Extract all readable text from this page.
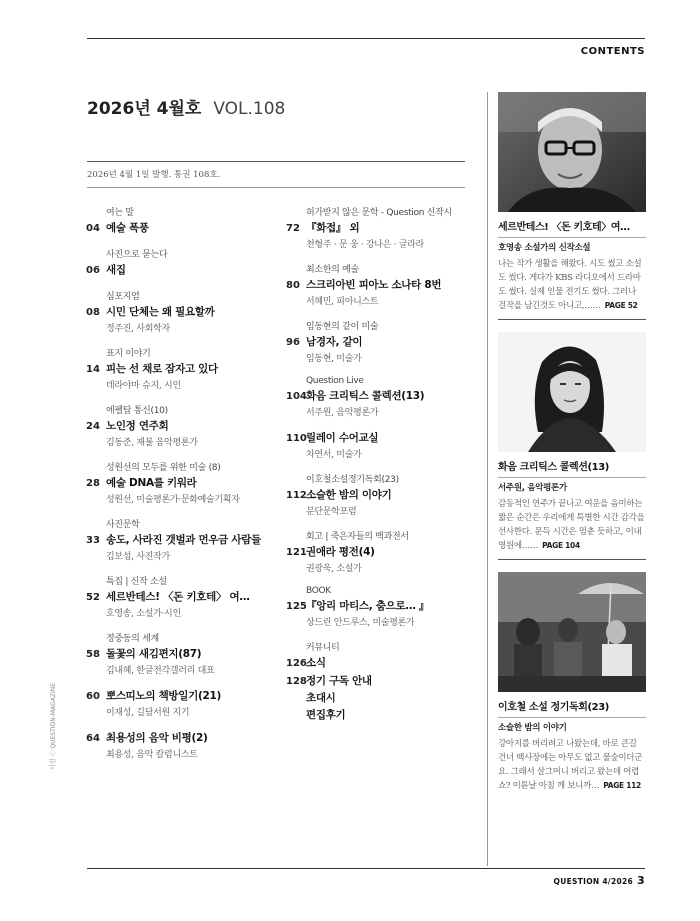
CONTENTS
2026년 4월호 VOL.108
2026년 4월 1일 발행. 통권 108호.
여는 말
04 예술 폭풍
사진으로 묻는다
06 새집
심포지엄
08 시민 단체는 왜 필요할까
정주진, 사회학자
표지 이야기
14 피는 선 채로 잠자고 있다
데라야마 슈지, 시인
에펠탑 통신(10)
24 노인정 연주회
김동준, 재불 음악평론가
성원선의 모두를 위한 미술 (8)
28 예술 DNA를 키워라
성원선, 미술평론가·문화예술기획자
사진문학
33 송도, 사라진 갯벌과 먼우금 사람들
김보섭, 사진작가
특집 | 신작 소설
52 세르반테스! 〈돈 키호테〉 여…
호영송, 소설가·시인
정중동의 세계
58 돌꽃의 새김편지(87)
김내혜, 한글전각갤러리 대표
60 뽀스띠노의 책방일기(21)
이재성, 길담서원 지기
64 최용성의 음악 비평(2)
최용성, 음악 칼럼니스트
허가받지 않은 문학 - Question 신작시
72 『화접』 외
천형주 · 문 웅 · 강나은 · 글라라
최소한의 예술
80 스크리아빈 피아노 소나타 8번
서혜민, 피아니스트
임동현의 같이 미술
96 남경자, 같이
임동현, 미술가
Question Live
104 화음 크리틱스 콜렉션(13)
서주원, 음악평론가
110 릴레이 수어교실
차연서, 미술가
이호철소설정기독회(23)
112 소슬한 밤의 이야기
분단문학포럼
회고 | 죽은자들의 백과전서
121 권애라 평전(4)
권광욱, 소설가
BOOK
125 『앙리 마티스, 춤으로… 』
상드린 안드루스, 미술평론가
커뮤니티
126 소식
128 정기 구독 안내
초대시
편집후기
세르반테스! 〈돈 키호테〉여…
호영송 소설가의 신작소설
나는 작가 생활을 해왔다. 시도 썼고 소설도 썼다. 게다가 KBS 라디오에서 드라마도 썼다. 실제 인물 전기도 썼다. 그러나 걸작을 남긴것도 아니고,…… PAGE 52
화음 크리틱스 콜렉션(13)
서주원, 음악평론가
감동적인 연주가 끝나고 여운을 음미하는 짧은 순간은 우리에게 특별한 시간 감각을 선사한다. 문득 시간은 멈춘 듯하고, 이내 영원에…… PAGE 104
이호철 소설 정기독회(23)
소슬한 밤의 이야기
강아지를 버리려고 나왔는데, 바로 큰길 건너 백사장에는 아무도 없고 물숲이더군요. 그래서 살그머니 버리고 왔는데 어렵쇼? 이튿날 아침 깨 보니까… PAGE 112
사진 ⓒ QUESTION-MAGAZINE
QUESTION 4/2026 3
